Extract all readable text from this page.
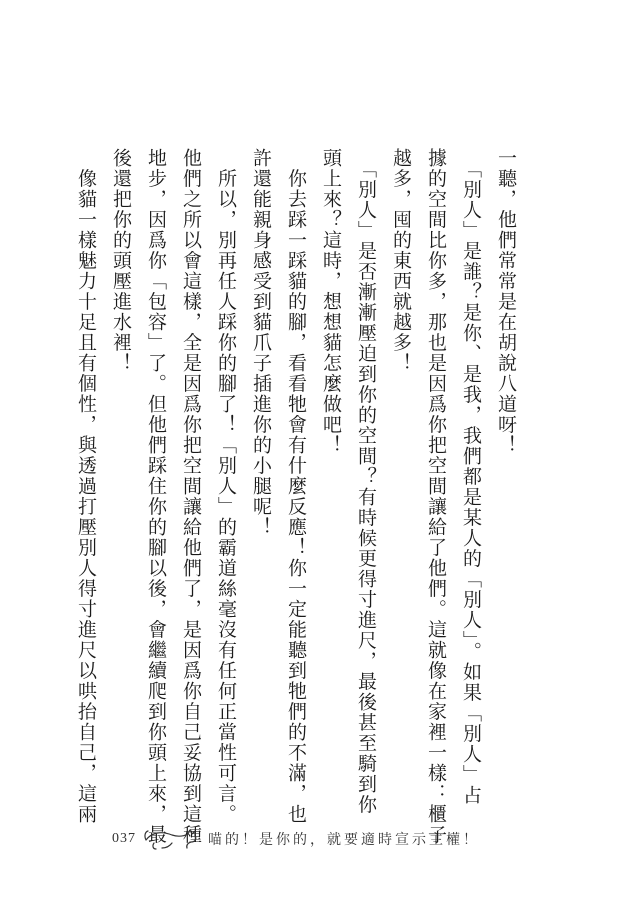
一聽，他們常常是在胡說八道呀！
　「別人」是誰？是你、是我，我們都是某人的「別人」。如果「別人」占
據的空間比你多，那也是因爲你把空間讓給了他們。這就像在家裡一樣：櫃子
越多，囤的東西就越多！
　「別人」是否漸漸壓迫到你的空間？有時候更得寸進尺，最後甚至騎到你
頭上來？這時，想想貓怎麼做吧！
　你去踩一踩貓的腳，看看牠會有什麼反應！你一定能聽到牠們的不滿，也
許還能親身感受到貓爪子插進你的小腿呢！
　所以，別再任人踩你的腳了！「別人」的霸道絲毫沒有任何正當性可言。
他們之所以會這樣，全是因爲你把空間讓給他們了，是因爲你自己妥協到這種
地步，因爲你「包容」了。但他們踩住你的腳以後，會繼續爬到你頭上來，最
後還把你的頭壓進水裡！
　像貓一樣魅力十足且有個性，與透過打壓別人得寸進尺以哄抬自己，這兩
037	喵的！是你的，就要適時宣示主權！
